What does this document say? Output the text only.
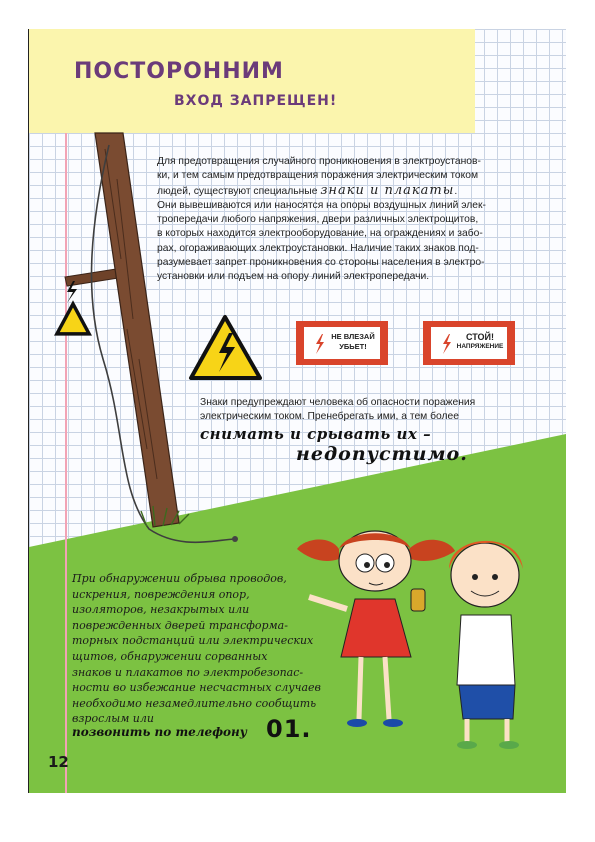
ПОСТОРОННИМ
ВХОД ЗАПРЕЩЕН!
Для предотвращения случайного проникновения в электроустанов-
ки, и тем самым предотвращения поражения электрическим током
людей, существуют специальные знаки и плакаты.
Они вывешиваются или наносятся на опоры воздушных линий элек-
тропередачи любого напряжения, двери различных электрощитов,
в которых находится электрооборудование, на ограждениях и забо-
рах, огораживающих электроустановки. Наличие таких знаков под-
разумевает запрет проникновения со стороны населения в электро-
установки или подъем на опору линий электропередачи.
НЕ ВЛЕЗАЙ
УБЬЕТ!
СТОЙ!
НАПРЯЖЕНИЕ

Знаки предупреждают человека об опасности поражения электрическим током. Пренебрегать ими, а тем более

снимать и срывать их –

недопустимо.

При обнаружении обрыва проводов,
искрения, повреждения опор,
изоляторов, незакрытых или
поврежденных дверей трансформа-
торных подстанций или электрических
щитов, обнаружении сорванных
знаков и плакатов по электробезопас-
ности во избежание несчастных случаев
необходимо незамедлительно сообщить
взрослым или

позвонить по телефону 01.

12
